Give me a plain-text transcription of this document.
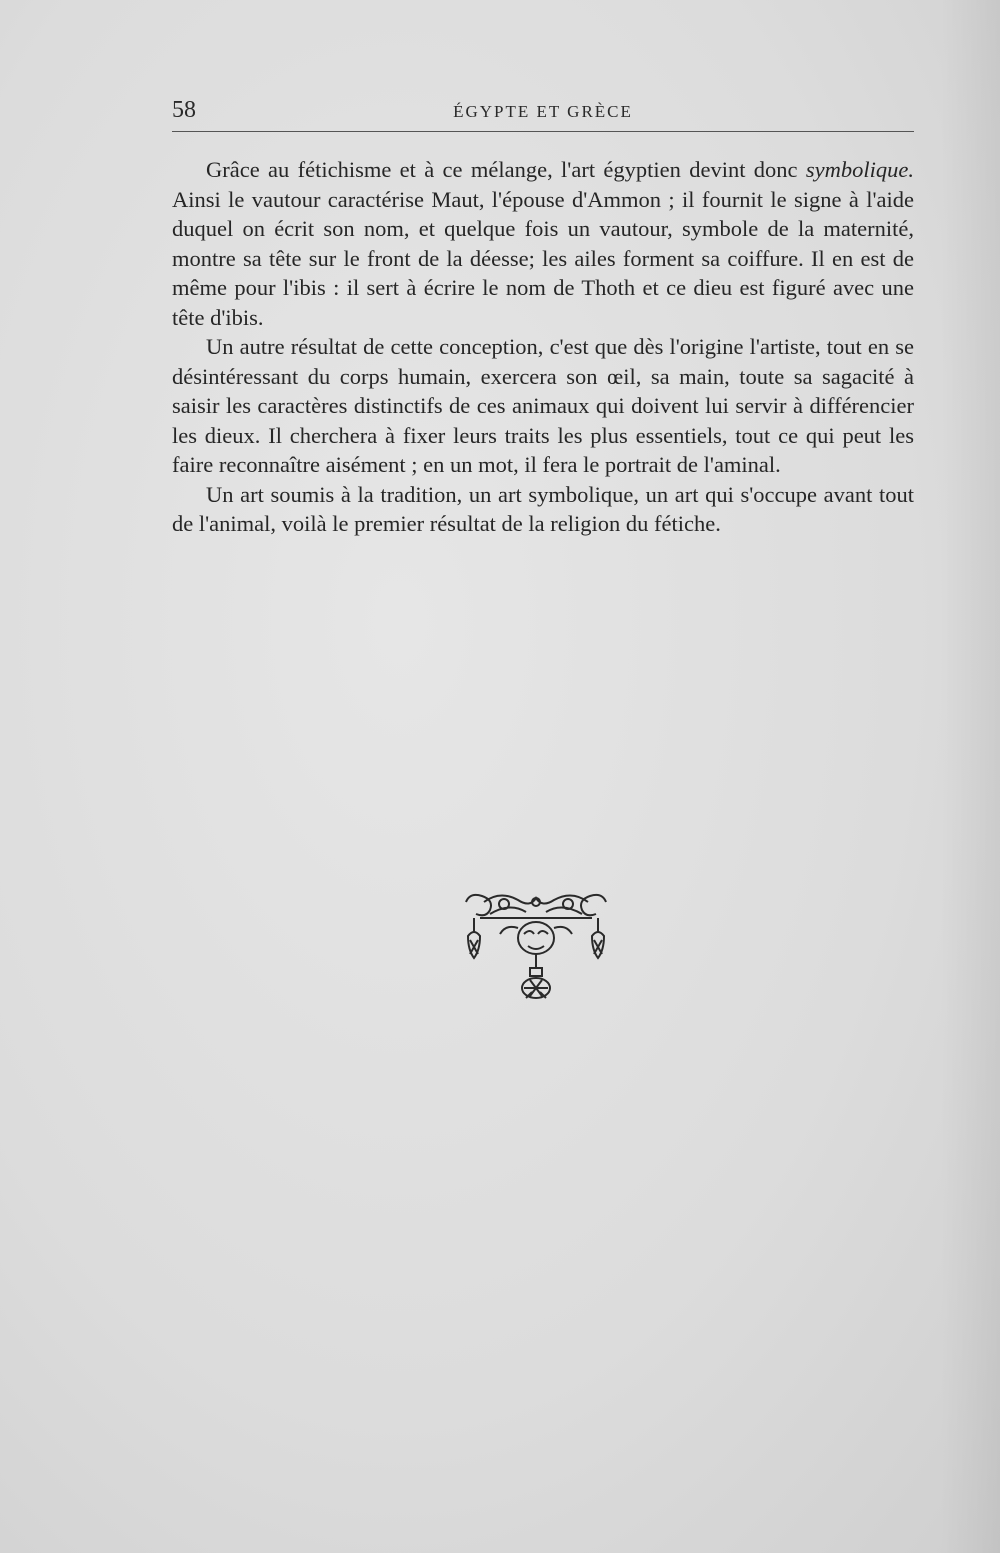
58	ÉGYPTE ET GRÈCE

Grâce au fétichisme et à ce mélange, l'art égyptien devint donc symbolique. Ainsi le vautour caractérise Maut, l'épouse d'Ammon ; il fournit le signe à l'aide duquel on écrit son nom, et quelque fois un vautour, symbole de la maternité, montre sa tête sur le front de la déesse; les ailes forment sa coiffure. Il en est de même pour l'ibis : il sert à écrire le nom de Thoth et ce dieu est figuré avec une tête d'ibis.

Un autre résultat de cette conception, c'est que dès l'origine l'artiste, tout en se désintéressant du corps humain, exercera son œil, sa main, toute sa sagacité à saisir les caractères distinctifs de ces animaux qui doivent lui servir à différencier les dieux. Il cherchera à fixer leurs traits les plus essentiels, tout ce qui peut les faire reconnaître aisément ; en un mot, il fera le portrait de l'aminal.

Un art soumis à la tradition, un art symbolique, un art qui s'occupe avant tout de l'animal, voilà le premier résultat de la religion du fétiche.
